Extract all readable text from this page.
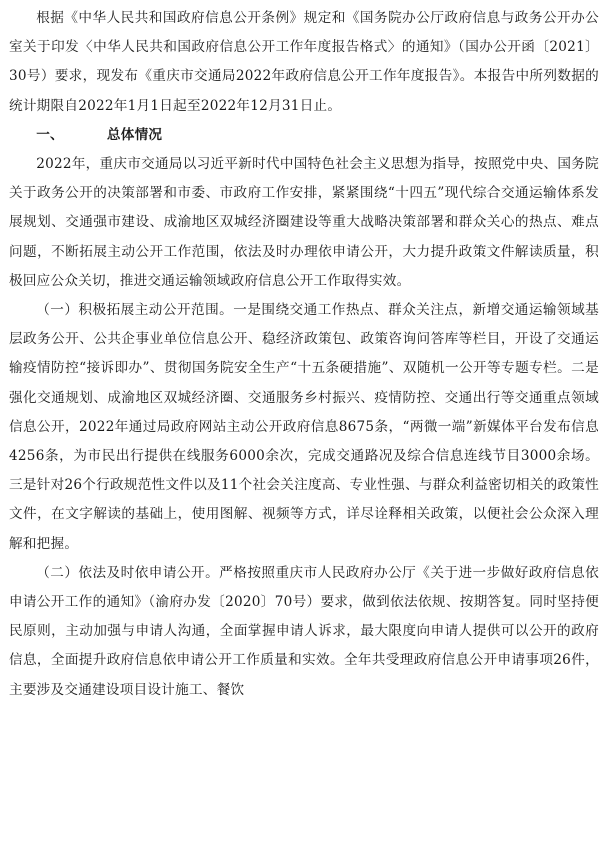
根据《中华人民共和国政府信息公开条例》规定和《国务院办公厅政府信息与政务公开办公室关于印发〈中华人民共和国政府信息公开工作年度报告格式〉的通知》（国办公开函〔2021〕30号）要求，现发布《重庆市交通局2022年政府信息公开工作年度报告》。本报告中所列数据的统计期限自2022年1月1日起至2022年12月31日止。

一、	总体情况

2022年，重庆市交通局以习近平新时代中国特色社会主义思想为指导，按照党中央、国务院关于政务公开的决策部署和市委、市政府工作安排，紧紧围绕“十四五”现代综合交通运输体系发展规划、交通强市建设、成渝地区双城经济圈建设等重大战略决策部署和群众关心的热点、难点问题，不断拓展主动公开工作范围，依法及时办理依申请公开，大力提升政策文件解读质量，积极回应公众关切，推进交通运输领域政府信息公开工作取得实效。

（一）积极拓展主动公开范围。一是围绕交通工作热点、群众关注点，新增交通运输领域基层政务公开、公共企事业单位信息公开、稳经济政策包、政策咨询问答库等栏目，开设了交通运输疫情防控“接诉即办”、贯彻国务院安全生产“十五条硬措施”、双随机一公开等专题专栏。二是强化交通规划、成渝地区双城经济圈、交通服务乡村振兴、疫情防控、交通出行等交通重点领域信息公开，2022年通过局政府网站主动公开政府信息8675条，“两微一端”新媒体平台发布信息4256条，为市民出行提供在线服务6000余次，完成交通路况及综合信息连线节目3000余场。三是针对26个行政规范性文件以及11个社会关注度高、专业性强、与群众利益密切相关的政策性文件，在文字解读的基础上，使用图解、视频等方式，详尽诠释相关政策，以便社会公众深入理解和把握。

（二）依法及时依申请公开。严格按照重庆市人民政府办公厅《关于进一步做好政府信息依申请公开工作的通知》（渝府办发〔2020〕70号）要求，做到依法依规、按期答复。同时坚持便民原则，主动加强与申请人沟通，全面掌握申请人诉求，最大限度向申请人提供可以公开的政府信息，全面提升政府信息依申请公开工作质量和实效。全年共受理政府信息公开申请事项26件，主要涉及交通建设项目设计施工、餐饮
